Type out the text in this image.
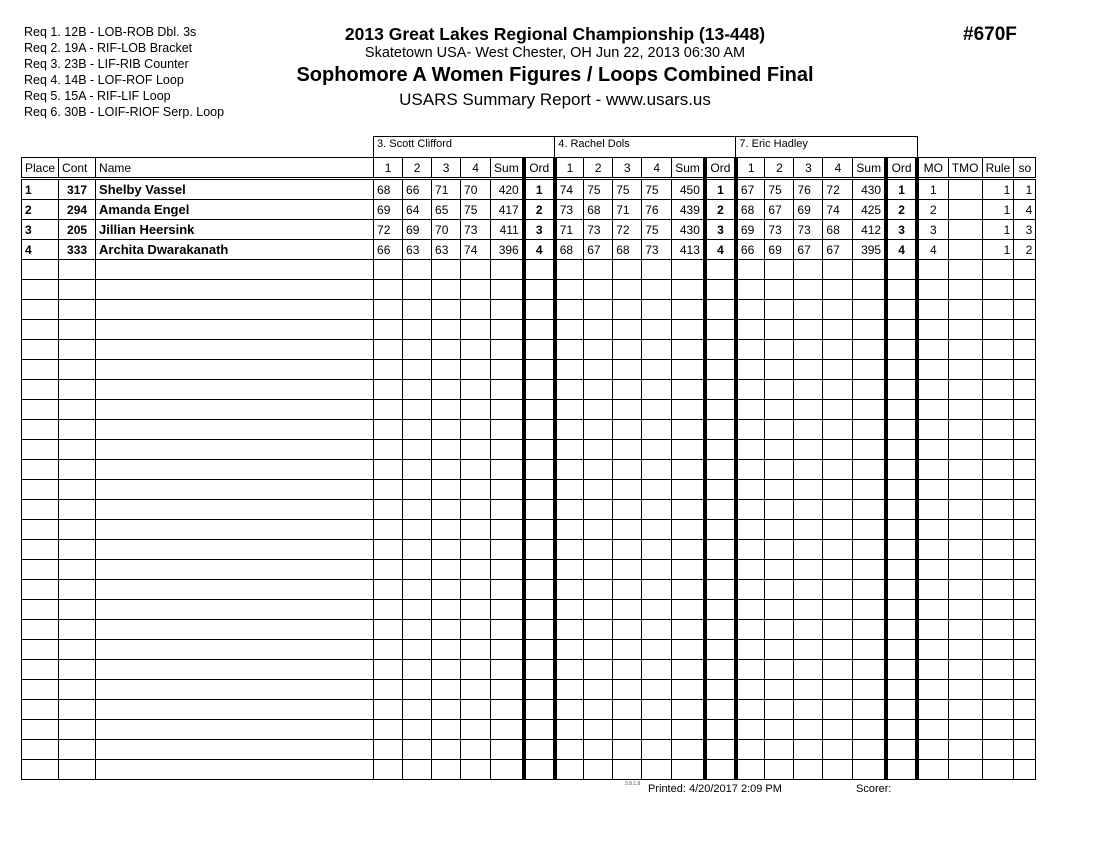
Req 1. 12B - LOB-ROB Dbl. 3s
Req 2. 19A - RIF-LOB Bracket
Req 3. 23B - LIF-RIB Counter
Req 4. 14B - LOF-ROF Loop
Req 5. 15A - RIF-LIF Loop
Req 6. 30B - LOIF-RIOF Serp. Loop
2013 Great Lakes Regional Championship (13-448)
Skatetown USA- West Chester, OH Jun 22, 2013 06:30 AM
Sophomore A Women Figures / Loops Combined Final
USARS Summary Report - www.usars.us
#670F
			3. Scott Clifford						4. Rachel Dols						7. Eric Hadley									
Place	Cont	Name	1	2	3	4	Sum	Ord	1	2	3	4	Sum	Ord	1	2	3	4	Sum	Ord	MO	TMO	Rule	so
1	317	Shelby Vassel	68	66	71	70	420	1	74	75	75	75	450	1	67	75	76	72	430	1	1		1	1
2	294	Amanda Engel	69	64	65	75	417	2	73	68	71	76	439	2	68	67	69	74	425	2	2		1	4
3	205	Jillian Heersink	72	69	70	73	411	3	71	73	72	75	430	3	69	73	73	68	412	3	3		1	3
4	333	Archita Dwarakanath	66	63	63	74	396	4	68	67	68	73	413	4	66	69	67	67	395	4	4		1	2

3.8.1.8 Printed: 4/20/2017 2:09 PM	Scorer:
